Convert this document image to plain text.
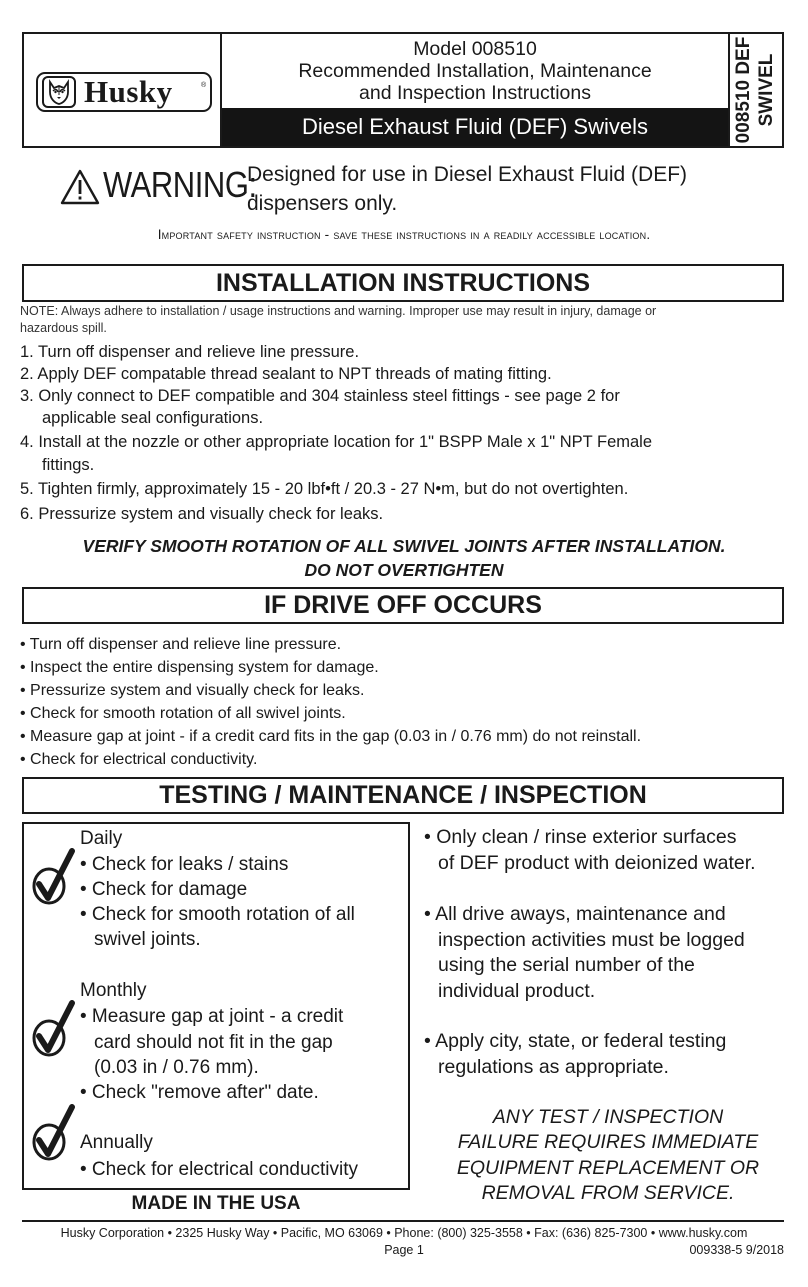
Husky	®
Model 008510
Recommended Installation, Maintenance
and Inspection Instructions
Diesel Exhaust Fluid (DEF) Swivels	008510 DEF SWIVEL
WARNING:
Designed for use in Diesel Exhaust Fluid (DEF)
dispensers only.
Important safety instruction - save these instructions in a readily accessible location.
INSTALLATION INSTRUCTIONS
NOTE: Always adhere to installation / usage instructions and warning. Improper use may result in injury, damage or
hazardous spill.
1. Turn off dispenser and relieve line pressure.
2. Apply DEF compatable thread sealant to NPT threads of mating fitting.
3. Only connect to DEF compatible and 304 stainless steel fittings - see page 2 for
applicable seal configurations.
4. Install at the nozzle or other appropriate location for 1" BSPP Male x 1" NPT Female
fittings.
5. Tighten firmly, approximately 15 - 20 lbf•ft / 20.3 - 27 N•m, but do not overtighten.
6. Pressurize system and visually check for leaks.
VERIFY SMOOTH ROTATION OF ALL SWIVEL JOINTS AFTER INSTALLATION.
DO NOT OVERTIGHTEN
IF DRIVE OFF OCCURS
• Turn off dispenser and relieve line pressure.
• Inspect the entire dispensing system for damage.
• Pressurize system and visually check for leaks.
• Check for smooth rotation of all swivel joints.
• Measure gap at joint - if a credit card fits in the gap (0.03 in / 0.76 mm) do not reinstall.
• Check for electrical conductivity.
TESTING / MAINTENANCE / INSPECTION
Daily
• Check for leaks / stains
• Check for damage
• Check for smooth rotation of all
swivel joints.
Monthly
• Measure gap at joint - a credit
card should not fit in the gap
(0.03 in / 0.76 mm).
• Check "remove after" date.
Annually
• Check for electrical conductivity
• Only clean / rinse exterior surfaces
of DEF product with deionized water.
• All drive aways, maintenance and
inspection activities must be logged
using the serial number of the
individual product.
• Apply city, state, or federal testing
regulations as appropriate.
ANY TEST / INSPECTION
FAILURE REQUIRES IMMEDIATE
EQUIPMENT REPLACEMENT OR
REMOVAL FROM SERVICE.
MADE IN THE USA
Husky Corporation • 2325 Husky Way • Pacific, MO 63069 • Phone: (800) 325-3558 • Fax: (636) 825-7300 • www.husky.com
Page 1	009338-5 9/2018
